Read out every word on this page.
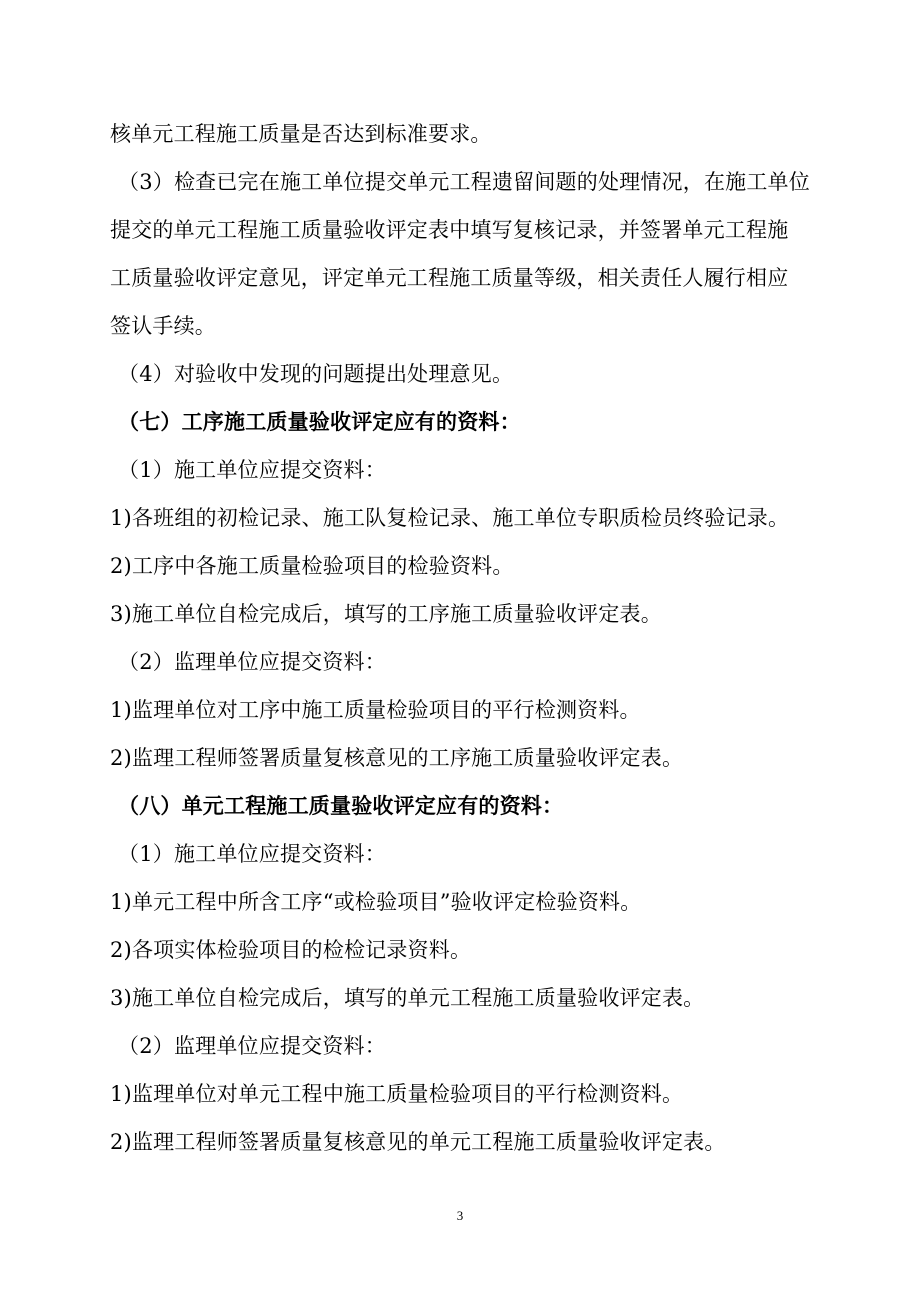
核单元工程施工质量是否达到标准要求。
（3）检查已完在施工单位提交单元工程遗留间题的处理情况，在施工单位
提交的单元工程施工质量验收评定表中填写复核记录，并签署单元工程施
工质量验收评定意见，评定单元工程施工质量等级，相关责任人履行相应
签认手续。
（4）对验收中发现的问题提出处理意见。
（七）工序施工质量验收评定应有的资料：
（1）施工单位应提交资料：
1)各班组的初检记录、施工队复检记录、施工单位专职质检员终验记录。
2)工序中各施工质量检验项目的检验资料。
3)施工单位自检完成后，填写的工序施工质量验收评定表。
（2）监理单位应提交资料：
1)监理单位对工序中施工质量检验项目的平行检测资料。
2)监理工程师签署质量复核意见的工序施工质量验收评定表。
（八）单元工程施工质量验收评定应有的资料：
（1）施工单位应提交资料：
1)单元工程中所含工序“或检验项目”验收评定检验资料。
2)各项实体检验项目的检检记录资料。
3)施工单位自检完成后，填写的单元工程施工质量验收评定表。
（2）监理单位应提交资料：
1)监理单位对单元工程中施工质量检验项目的平行检测资料。
2)监理工程师签署质量复核意见的单元工程施工质量验收评定表。
3
